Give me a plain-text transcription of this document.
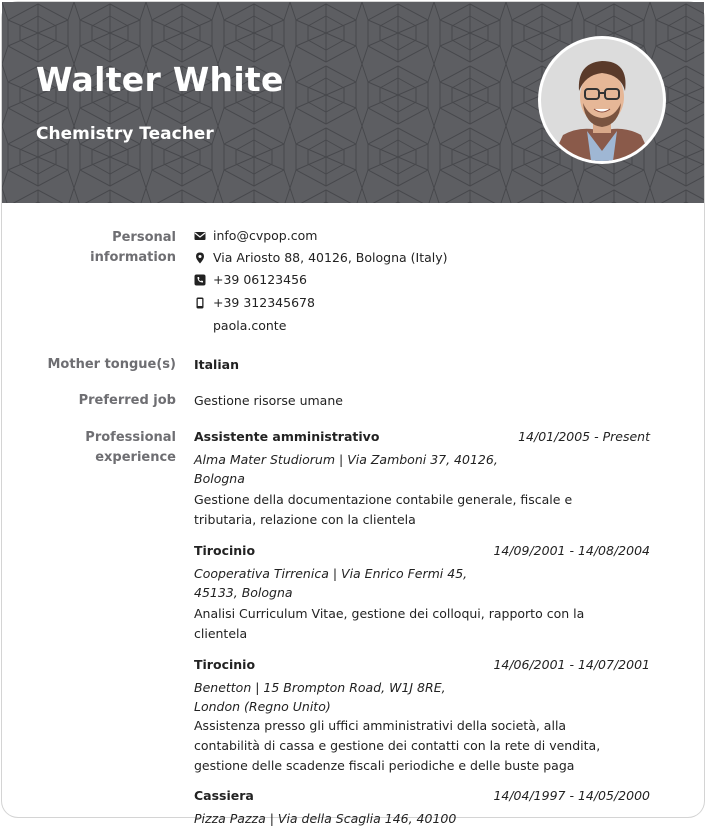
Walter White
Chemistry Teacher
Personal information
info@cvpop.com
Via Ariosto 88, 40126, Bologna (Italy)
+39 06123456
+39 312345678
paola.conte
Mother tongue(s) Italian
Preferred job Gestione risorse umane
Professional experience
Assistente amministrativo	14/01/2005 - Present
Alma Mater Studiorum | Via Zamboni 37, 40126, Bologna
Gestione della documentazione contabile generale, fiscale e tributaria, relazione con la clientela
Tirocinio	14/09/2001 - 14/08/2004
Cooperativa Tirrenica | Via Enrico Fermi 45, 45133, Bologna
Analisi Curriculum Vitae, gestione dei colloqui, rapporto con la clientela
Tirocinio	14/06/2001 - 14/07/2001
Benetton | 15 Brompton Road, W1J 8RE, London (Regno Unito)
Assistenza presso gli uffici amministrativi della società, alla contabilità di cassa e gestione dei contatti con la rete di vendita, gestione delle scadenze fiscali periodiche e delle buste paga
Cassiera	14/04/1997 - 14/05/2000
Pizza Pazza | Via della Scaglia 146, 40100
